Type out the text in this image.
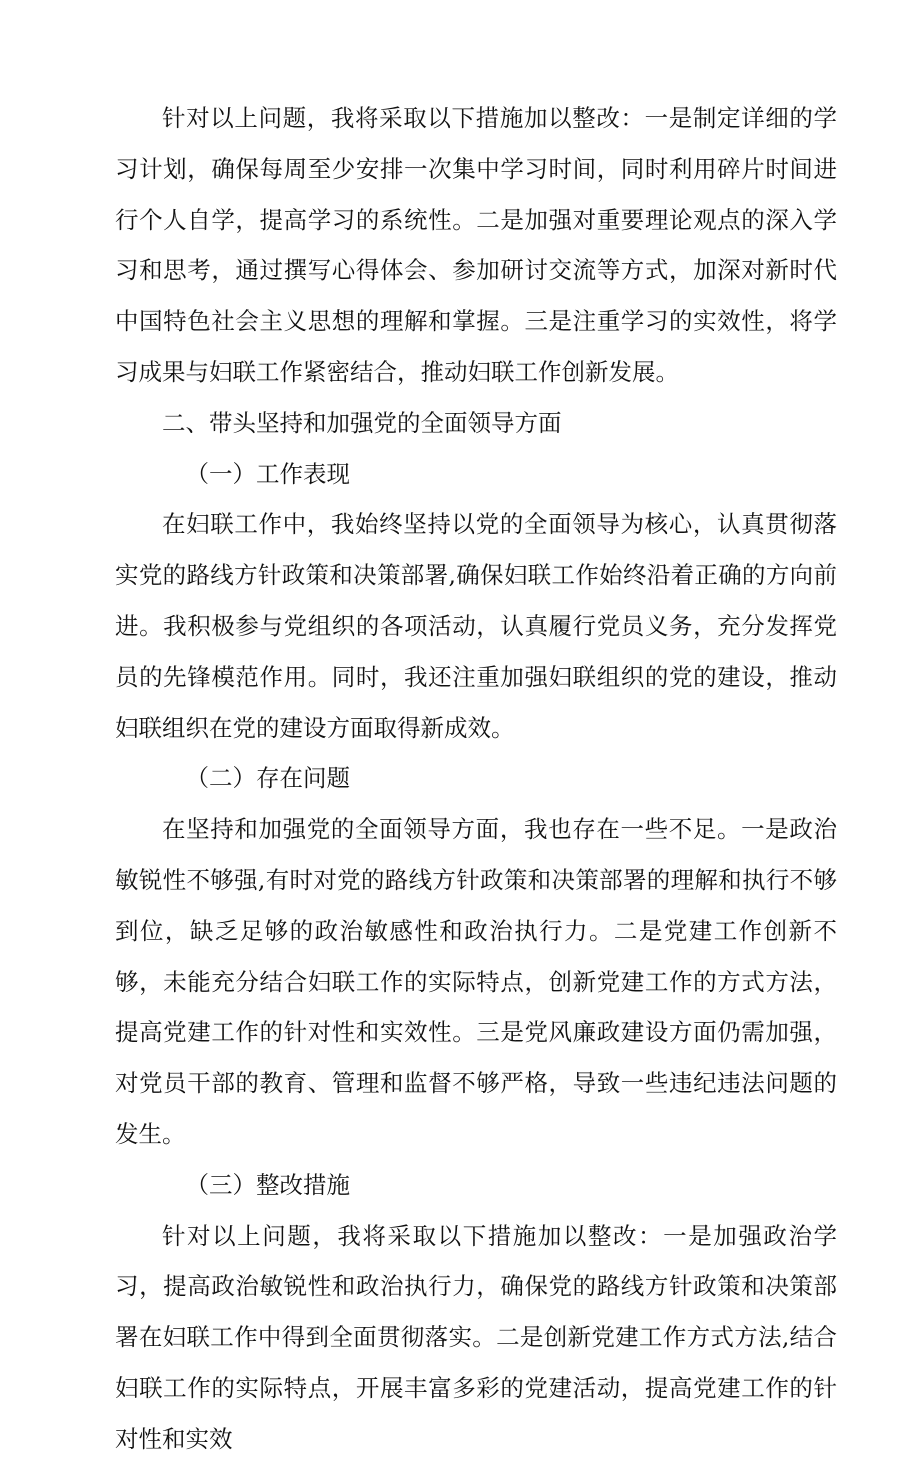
针对以上问题，我将采取以下措施加以整改：一是制定详细的学习计划，确保每周至少安排一次集中学习时间，同时利用碎片时间进行个人自学，提高学习的系统性。二是加强对重要理论观点的深入学习和思考，通过撰写心得体会、参加研讨交流等方式，加深对新时代中国特色社会主义思想的理解和掌握。三是注重学习的实效性，将学习成果与妇联工作紧密结合，推动妇联工作创新发展。

二、带头坚持和加强党的全面领导方面

（一）工作表现

在妇联工作中，我始终坚持以党的全面领导为核心，认真贯彻落实党的路线方针政策和决策部署,确保妇联工作始终沿着正确的方向前进。我积极参与党组织的各项活动，认真履行党员义务，充分发挥党员的先锋模范作用。同时，我还注重加强妇联组织的党的建设，推动妇联组织在党的建设方面取得新成效。

（二）存在问题

在坚持和加强党的全面领导方面，我也存在一些不足。一是政治敏锐性不够强,有时对党的路线方针政策和决策部署的理解和执行不够到位，缺乏足够的政治敏感性和政治执行力。二是党建工作创新不够，未能充分结合妇联工作的实际特点，创新党建工作的方式方法，提高党建工作的针对性和实效性。三是党风廉政建设方面仍需加强，对党员干部的教育、管理和监督不够严格，导致一些违纪违法问题的发生。

（三）整改措施

针对以上问题，我将采取以下措施加以整改：一是加强政治学习，提高政治敏锐性和政治执行力，确保党的路线方针政策和决策部署在妇联工作中得到全面贯彻落实。二是创新党建工作方式方法,结合妇联工作的实际特点，开展丰富多彩的党建活动，提高党建工作的针对性和实效
